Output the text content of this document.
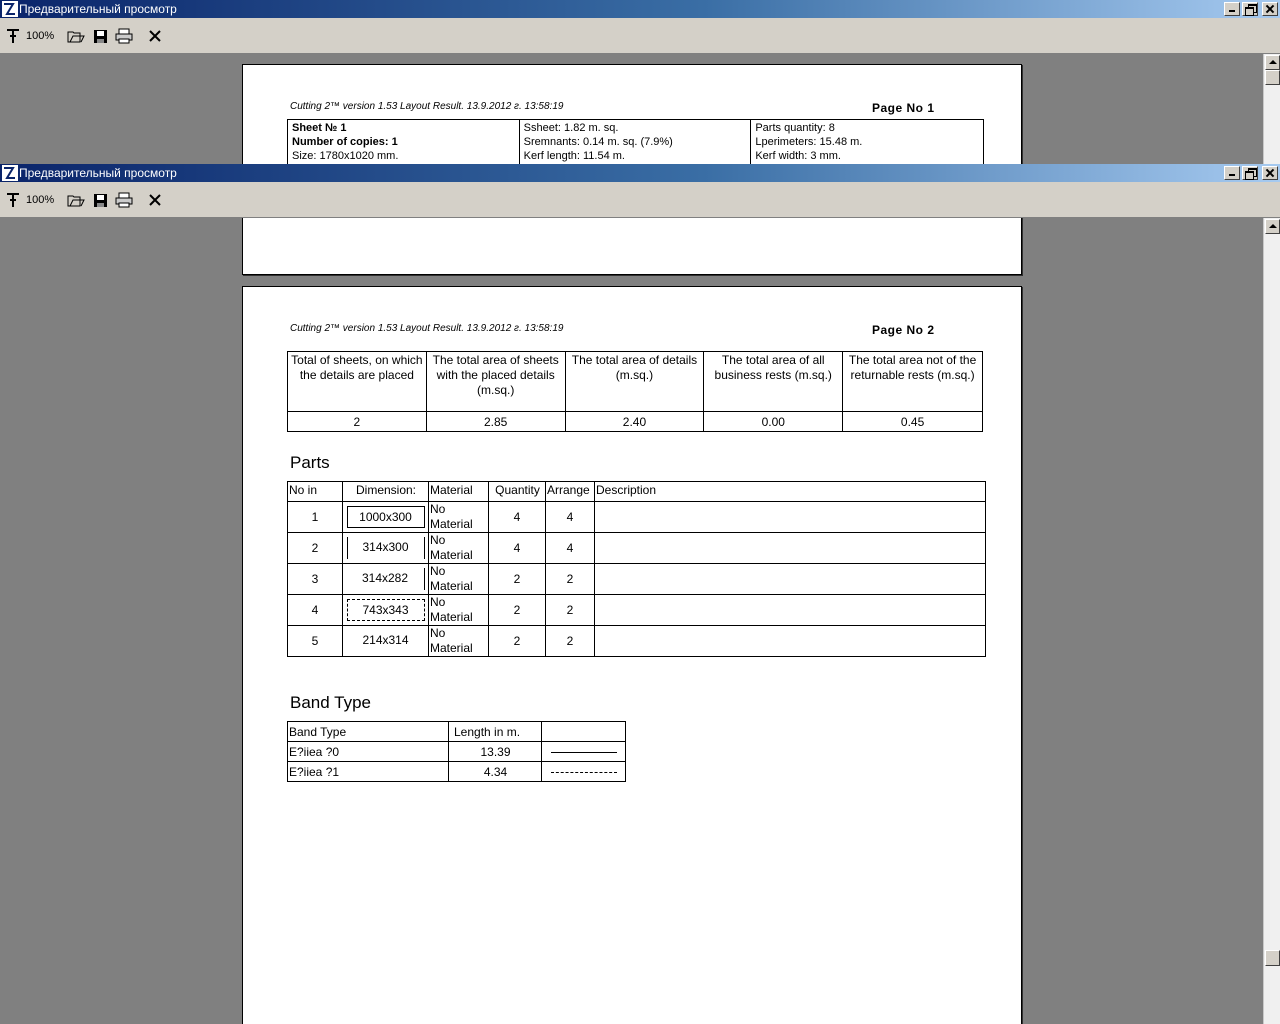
Предварительный просмотр
100%
Cutting 2™ version 1.53 Layout Result. 13.9.2012 г. 13:58:19	Page No 1
Sheet № 1
Number of copies: 1
Size: 1780x1020 mm.
Ssheet: 1.82 m. sq.
Sremnants: 0.14 m. sq. (7.9%)
Kerf length: 11.54 m.
Parts quantity: 8
Lperimeters: 15.48 m.
Kerf width: 3 mm.
Предварительный просмотр
100%
Cutting 2™ version 1.53 Layout Result. 13.9.2012 г. 13:58:19	Page No 2
Total of sheets, on which the details are placed	The total area of sheets with the placed details (m.sq.)	The total area of details (m.sq.)	The total area of all business rests (m.sq.)	The total area not of the returnable rests (m.sq.)
2	2.85	2.40	0.00	0.45
Parts
No in	Dimension:	Material	Quantity	Arrange	Description
1	1000x300	No Material	4	4	
2	314x300	No Material	4	4	
3	314x282	No Material	2	2	
4	743x343	No Material	2	2	
5	214x314	No Material	2	2	
Band Type
Band Type	Length in m.	
E?iiea ?0	13.39	
E?iiea ?1	4.34	
